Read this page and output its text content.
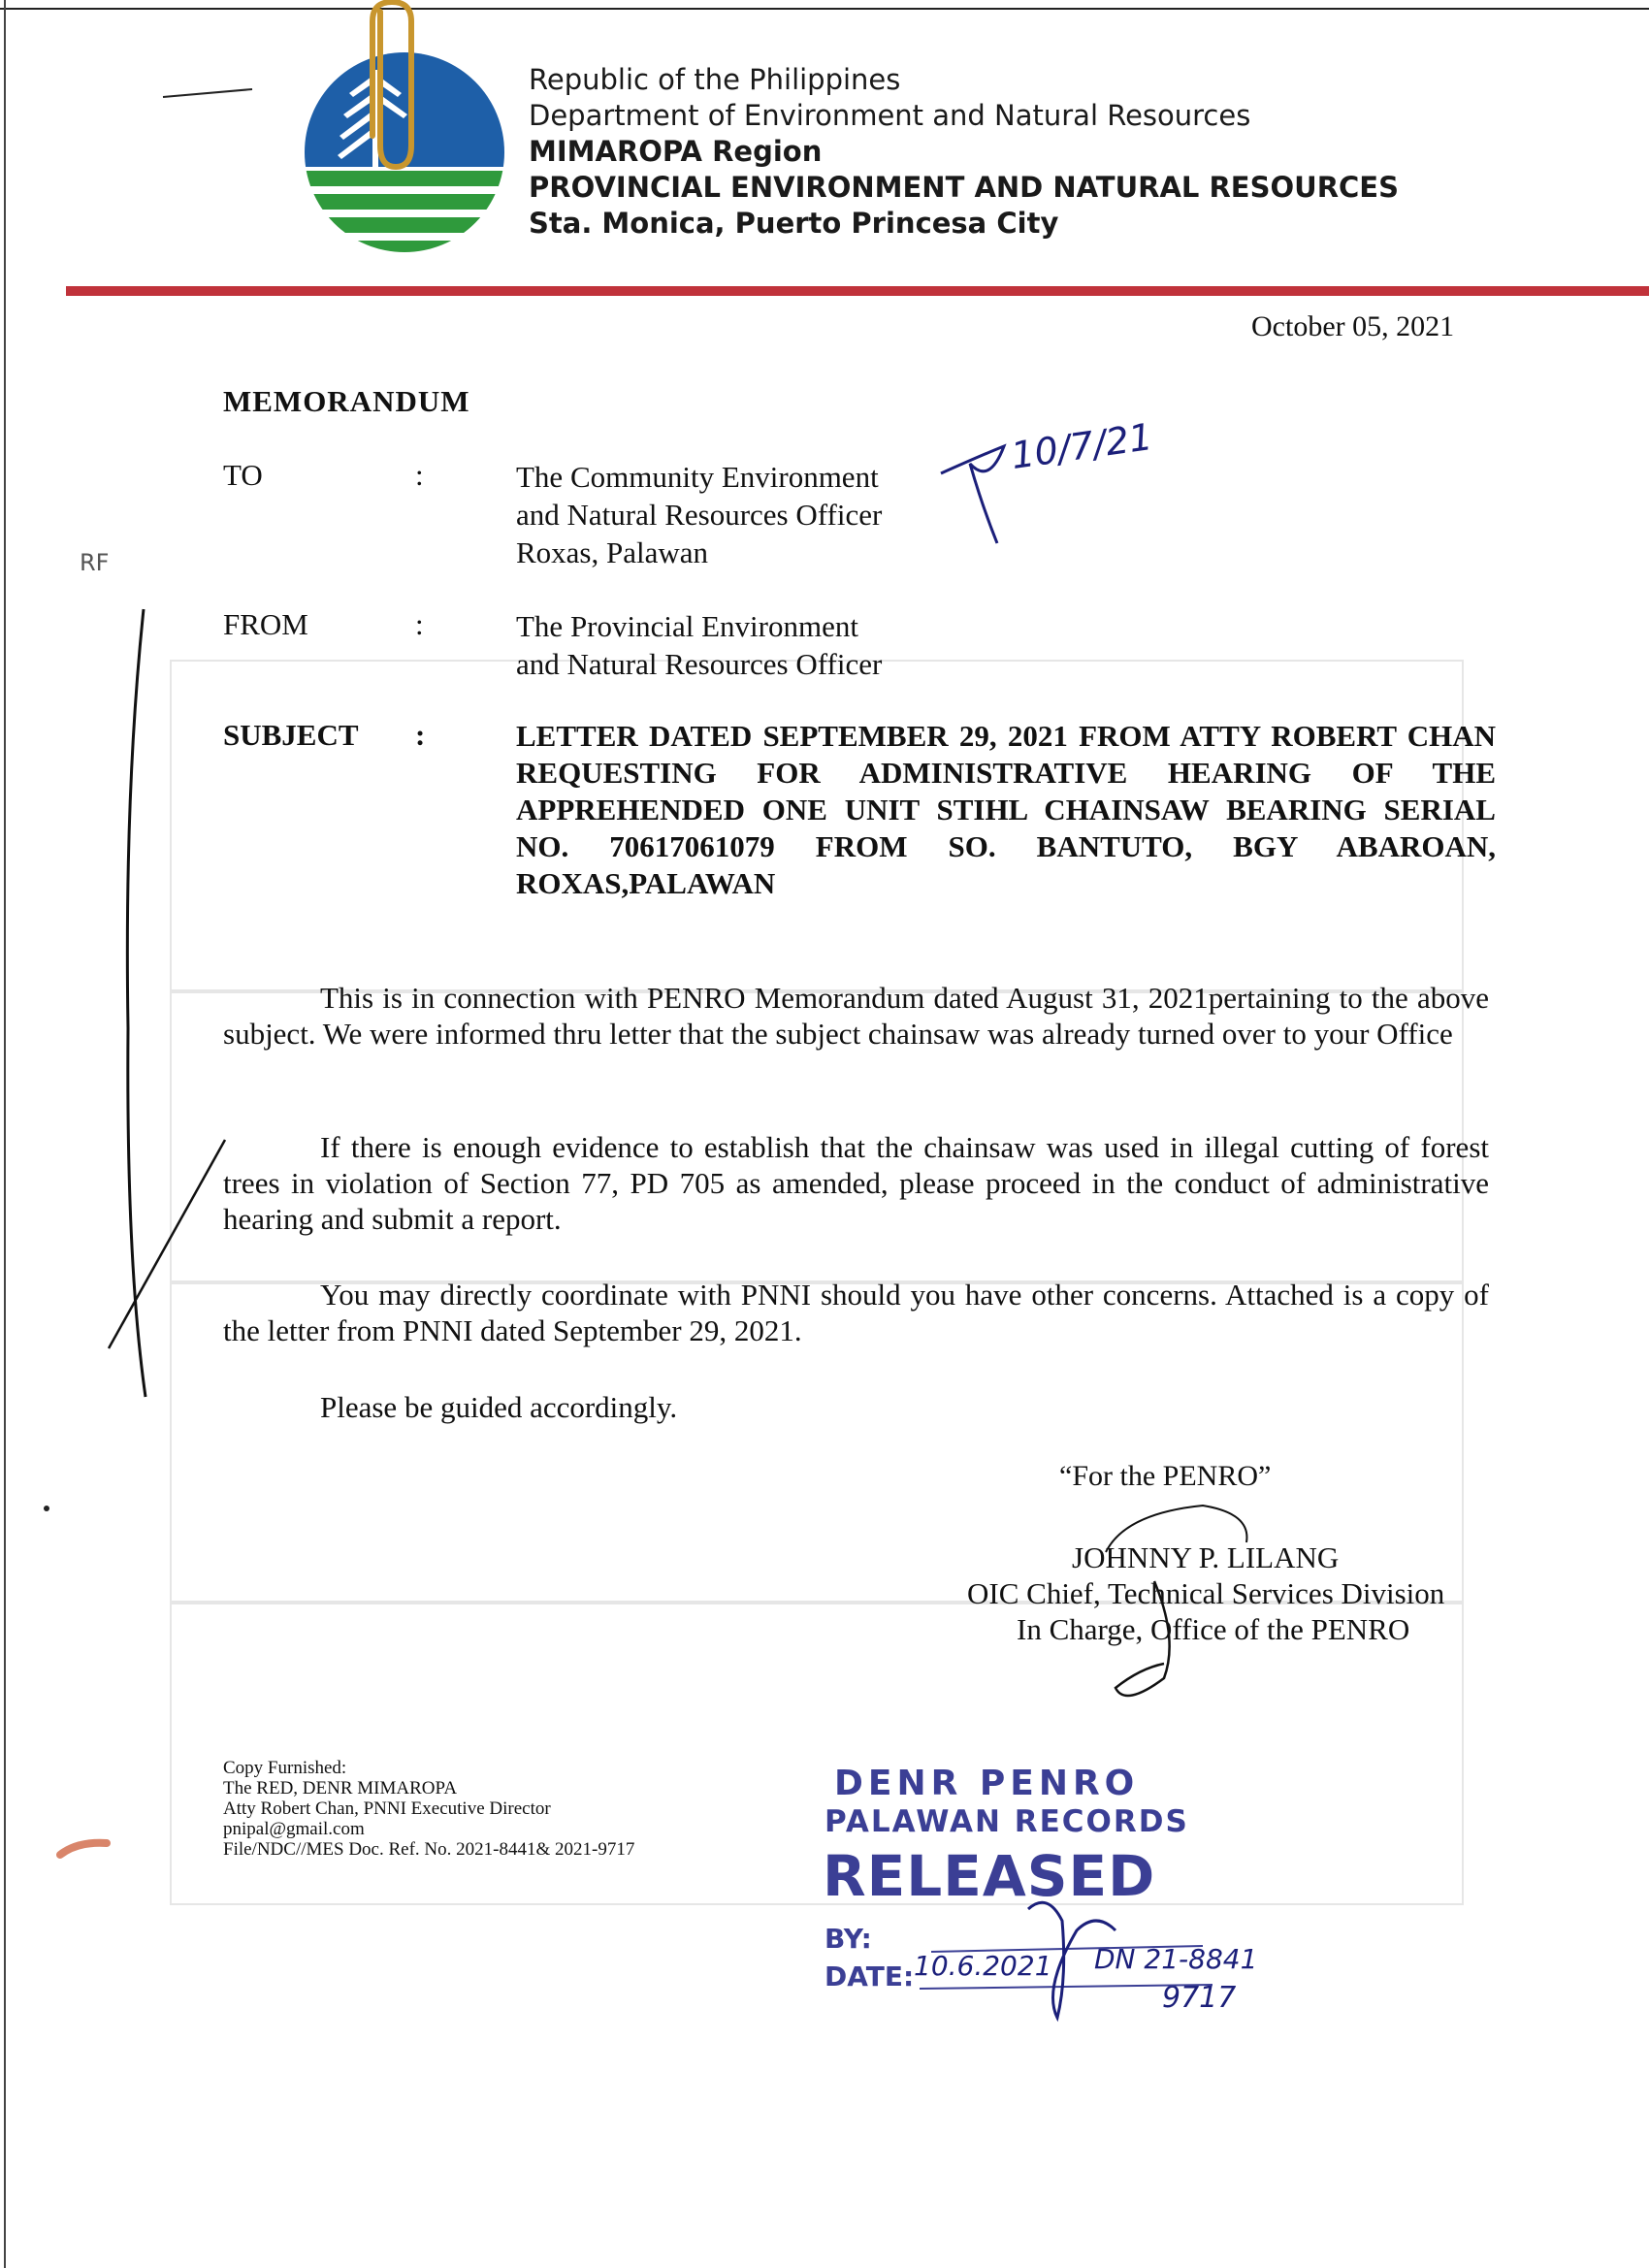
Republic of the Philippines
Department of Environment and Natural Resources
MIMAROPA Region
PROVINCIAL ENVIRONMENT AND NATURAL RESOURCES
Sta. Monica, Puerto Princesa City
October 05, 2021
MEMORANDUM
TO	:	The Community Environment
and Natural Resources Officer
Roxas, Palawan
FROM	:	The Provincial Environment
and Natural Resources Officer
SUBJECT :	LETTER DATED SEPTEMBER 29, 2021 FROM ATTY ROBERT CHAN REQUESTING FOR ADMINISTRATIVE HEARING OF THE APPREHENDED ONE UNIT STIHL CHAINSAW BEARING SERIAL NO. 70617061079 FROM SO. BANTUTO, BGY ABAROAN, ROXAS,PALAWAN
This is in connection with PENRO Memorandum dated August 31, 2021pertaining to the above subject. We were informed thru letter that the subject chainsaw was already turned over to your Office
If there is enough evidence to establish that the chainsaw was used in illegal cutting of forest trees in violation of Section 77, PD 705 as amended, please proceed in the conduct of administrative hearing and submit a report.
You may directly coordinate with PNNI should you have other concerns. Attached is a copy of the letter from PNNI dated September 29, 2021.
Please be guided accordingly.
“For the PENRO”
JOHNNY P. LILANG
OIC Chief, Technical Services Division
In Charge, Office of the PENRO
Copy Furnished:
The RED, DENR MIMAROPA
Atty Robert Chan, PNNI Executive Director
pnipal@gmail.com
File/NDC//MES Doc. Ref. No. 2021-8441& 2021-9717
DENR PENRO
PALAWAN RECORDS
RELEASED
BY:
DATE:
10/7/21
RF
10.6.2021 DN 21-8841
9717
